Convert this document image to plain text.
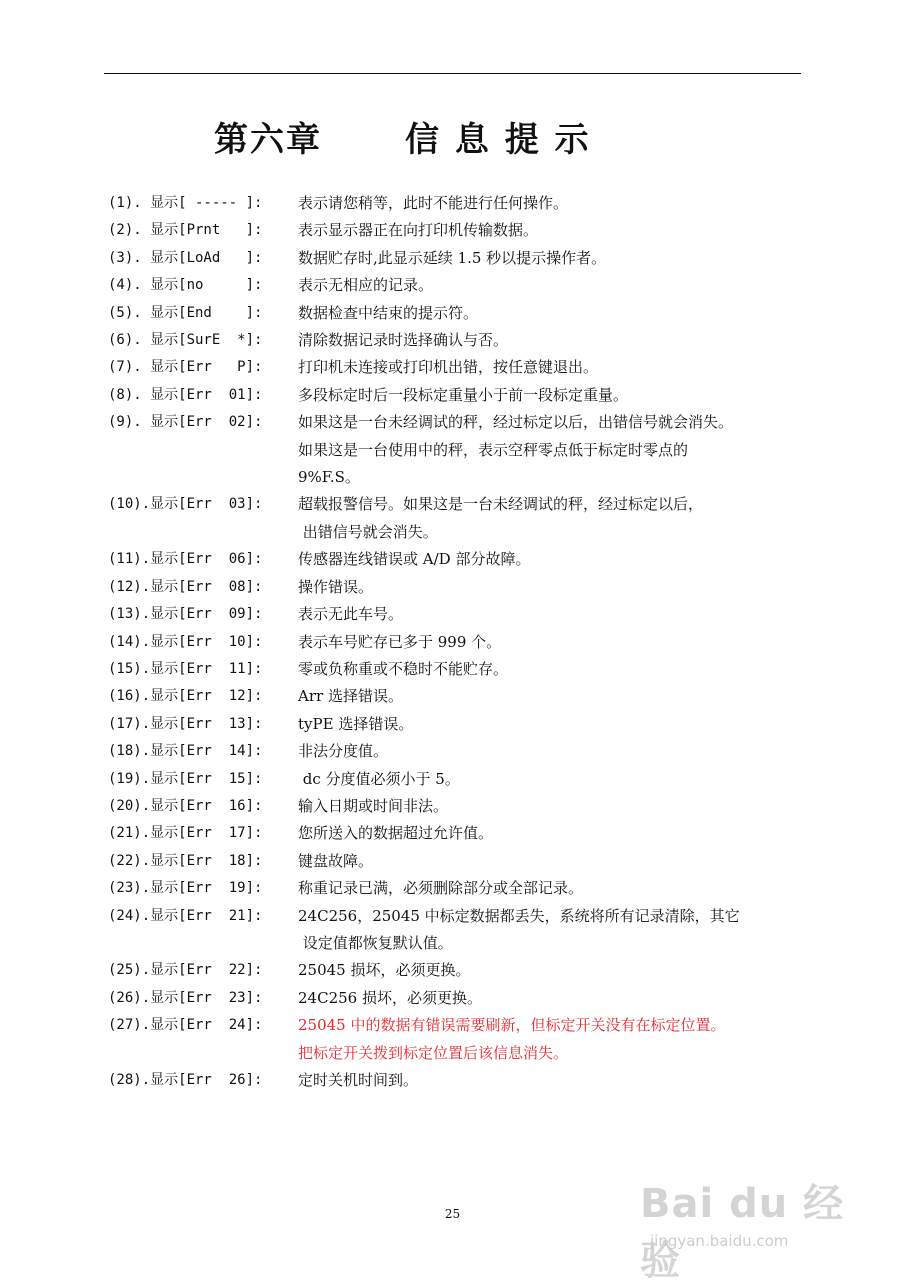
第六章      信 息 提 示
(1). 显示[ ----- ]:	表示请您稍等，此时不能进行任何操作。
(2). 显示[Prnt   ]:	表示显示器正在向打印机传输数据。
(3). 显示[LoAd   ]:	数据贮存时,此显示延续 1.5 秒以提示操作者。
(4). 显示[no     ]:	表示无相应的记录。
(5). 显示[End    ]:	数据检查中结束的提示符。
(6). 显示[SurE  *]:	清除数据记录时选择确认与否。
(7). 显示[Err   P]:	打印机未连接或打印机出错，按任意键退出。
(8). 显示[Err  01]:	多段标定时后一段标定重量小于前一段标定重量。
(9). 显示[Err  02]:	如果这是一台未经调试的秤，经过标定以后，出错信号就会消失。
如果这是一台使用中的秤，表示空秤零点低于标定时零点的
9%F.S。
(10).显示[Err  03]:	超载报警信号。如果这是一台未经调试的秤，经过标定以后，
出错信号就会消失。
(11).显示[Err  06]:	传感器连线错误或 A/D 部分故障。
(12).显示[Err  08]:	操作错误。
(13).显示[Err  09]:	表示无此车号。
(14).显示[Err  10]:	表示车号贮存已多于 999 个。
(15).显示[Err  11]:	零或负称重或不稳时不能贮存。
(16).显示[Err  12]:	Arr 选择错误。
(17).显示[Err  13]:	tyPE 选择错误。
(18).显示[Err  14]:	非法分度值。
(19).显示[Err  15]:	dc 分度值必须小于 5。
(20).显示[Err  16]:	输入日期或时间非法。
(21).显示[Err  17]:	您所送入的数据超过允许值。
(22).显示[Err  18]:	键盘故障。
(23).显示[Err  19]:	称重记录已满，必须删除部分或全部记录。
(24).显示[Err  21]:	24C256，25045 中标定数据都丢失，系统将所有记录清除，其它
设定值都恢复默认值。
(25).显示[Err  22]:	25045 损坏，必须更换。
(26).显示[Err  23]:	24C256 损坏，必须更换。
(27).显示[Err  24]:	25045 中的数据有错误需要刷新，但标定开关没有在标定位置。
把标定开关拨到标定位置后该信息消失。
(28).显示[Err  26]:	定时关机时间到。
25	Bai du 经验
jingyan.baidu.com
